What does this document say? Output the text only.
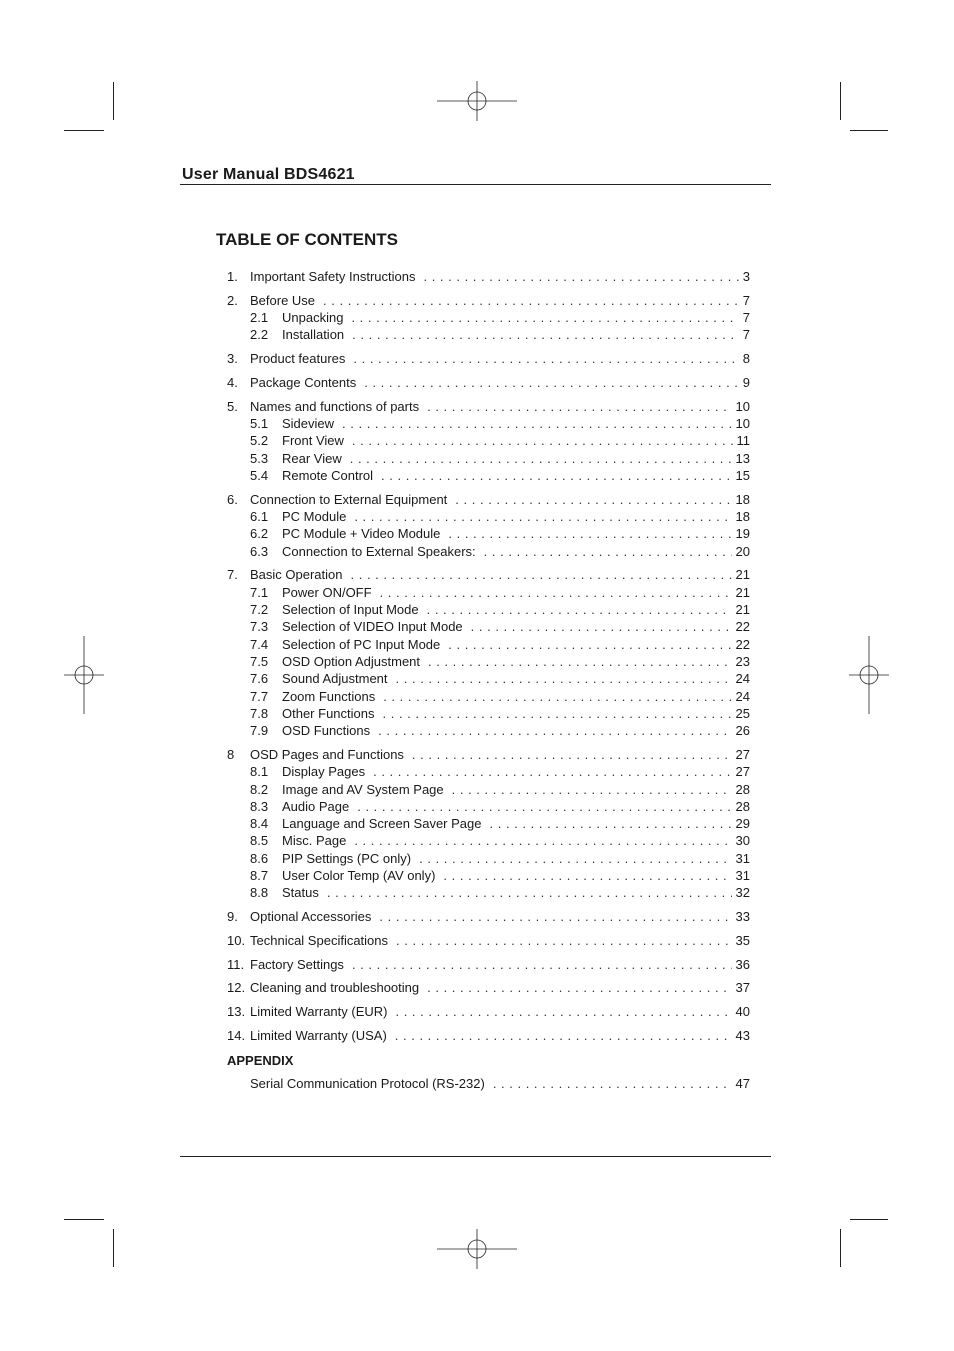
User Manual BDS4621
TABLE OF CONTENTS
1. Important Safety Instructions . . .	3
2. Before Use . . .	7
2.1	Unpacking . . .	7
2.2	Installation . . .	7
3. Product features . . .	8
4. Package Contents . . .	9
5. Names and functions of parts . . .	10
5.1	Sideview . . .	10
5.2	Front View . . .	11
5.3	Rear View . . .	13
5.4	Remote Control . . .	15
6. Connection to External Equipment . . .	18
6.1	PC Module . . .	18
6.2	PC Module + Video Module . . .	19
6.3	Connection to External Speakers: . . .	20
7. Basic Operation . . .	21
7.1	Power ON/OFF . . .	21
7.2	Selection of Input Mode . . .	21
7.3	Selection of VIDEO Input Mode . . .	22
7.4	Selection of PC Input Mode . . .	22
7.5	OSD Option Adjustment . . .	23
7.6	Sound Adjustment . . .	24
7.7	Zoom Functions . . .	24
7.8	Other Functions . . .	25
7.9	OSD Functions . . .	26
8	OSD Pages and Functions . . .	27
8.1	Display Pages . . .	27
8.2	Image and AV System Page . . .	28
8.3	Audio Page . . .	28
8.4	Language and Screen Saver Page . . .	29
8.5	Misc. Page . . .	30
8.6	PIP Settings (PC only) . . .	31
8.7	User Color Temp (AV only) . . .	31
8.8	Status . . .	32
9. Optional Accessories . . .	33
10. Technical Specifications . . .	35
11. Factory Settings . . .	36
12. Cleaning and troubleshooting . . .	37
13. Limited Warranty (EUR) . . .	40
14. Limited Warranty (USA) . . .	43
APPENDIX
Serial Communication Protocol (RS-232) . . .	47
